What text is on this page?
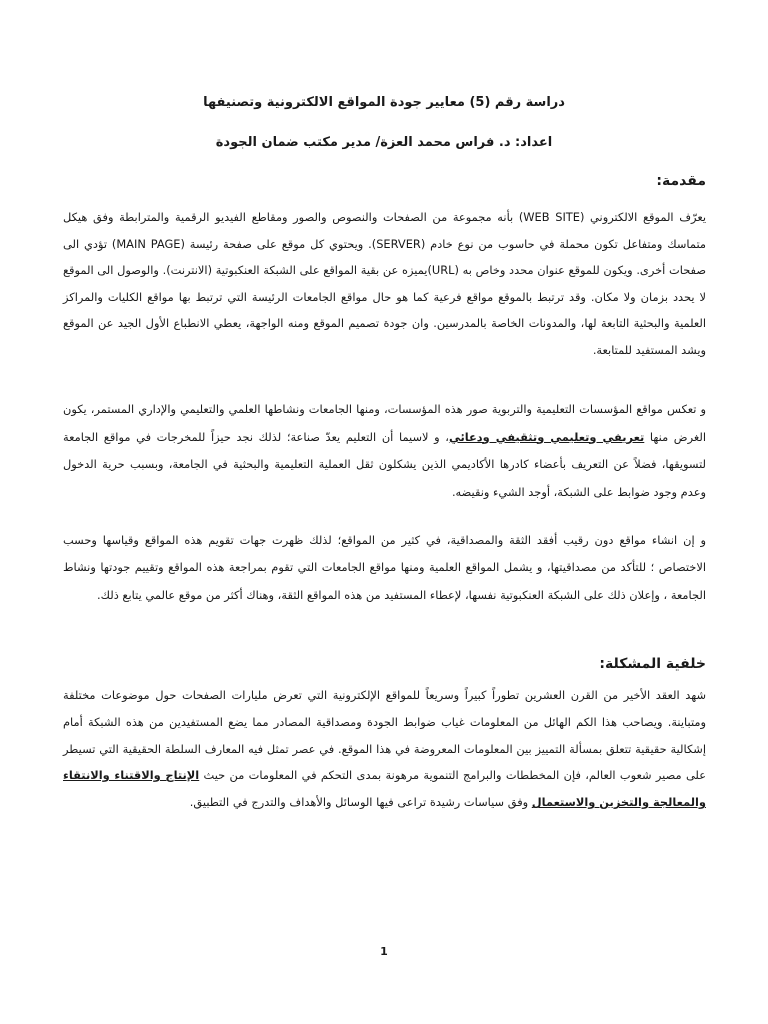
دراسة رقم (5) معايير جودة المواقع الالكترونية وتصنيفها
اعداد: د. فراس محمد العزة/ مدير مكتب ضمان الجودة
مقدمة:

يعرّف الموقع الالكتروني (WEB SITE) بأنه مجموعة من الصفحات والنصوص والصور ومقاطع الفيديو الرقمية والمترابطة وفق هيكل متماسك ومتفاعل تكون محملة في حاسوب من نوع خادم (SERVER). ويحتوي كل موقع على صفحة رئيسة (MAIN PAGE) تؤدي الى صفحات أخرى. ويكون للموقع عنوان محدد وخاص به (URL)يميزه عن بقية المواقع على الشبكة العنكبوتية (الانترنت). والوصول الى الموقع لا يحدد بزمان ولا مكان. وقد ترتبط بالموقع مواقع فرعية كما هو حال مواقع الجامعات الرئيسة التي ترتبط بها مواقع الكليات والمراكز العلمية والبحثية التابعة لها، والمدونات الخاصة بالمدرسين. وان جودة تصميم الموقع ومنه الواجهة، يعطي الانطباع الأول الجيد عن الموقع ويشد المستفيد للمتابعة.

و تعكس مواقع المؤسسات التعليمية والتربوية صور هذه المؤسسات، ومنها الجامعات ونشاطها العلمي والتعليمي والإداري المستمر، يكون الغرض منها تعريفي وتعليمي وتثقيفي ودعائي، و لاسيما أن التعليم يعدّ صناعة؛ لذلك نجد حيزاً للمخرجات في مواقع الجامعة لتسويقها، فضلاً عن التعريف بأعضاء كادرها الأكاديمي الذين يشكلون ثقل العملية التعليمية والبحثية في الجامعة، وبسبب حرية الدخول وعدم وجود ضوابط على الشبكة، أوجد الشيء ونقيضه.

و إن انشاء مواقع دون رقيب أفقد الثقة والمصداقية، في كثير من المواقع؛ لذلك ظهرت جهات تقويم هذه المواقع وقياسها وحسب الاختصاص ؛ للتأكد من مصداقيتها، و يشمل المواقع العلمية ومنها مواقع الجامعات التي تقوم بمراجعة هذه المواقع وتقييم جودتها ونشاط الجامعة ، وإعلان ذلك على الشبكة العنكبوتية نفسها، لإعطاء المستفيد من هذه المواقع الثقة، وهناك أكثر من موقع عالمي يتابع ذلك.

خلفية المشكلة:

شهد العقد الأخير من القرن العشرين تطوراً كبيراً وسريعاً للمواقع الإلكترونية التي تعرض مليارات الصفحات حول موضوعات مختلفة ومتباينة. ويصاحب هذا الكم الهائل من المعلومات غياب ضوابط الجودة ومصداقية المصادر مما يضع المستفيدين من هذه الشبكة أمام إشكالية حقيقية تتعلق بمسألة التمييز بين المعلومات المعروضة في هذا الموقع. في عصر تمثل فيه المعارف السلطة الحقيقية التي تسيطر على مصير شعوب العالم، فإن المخططات والبرامج التنموية مرهونة بمدى التحكم في المعلومات من حيث الإنتاج والاقتناء والانتقاء والمعالجة والتخزين والاستعمال وفق سياسات رشيدة تراعى فيها الوسائل والأهداف والتدرج في التطبيق.

1
